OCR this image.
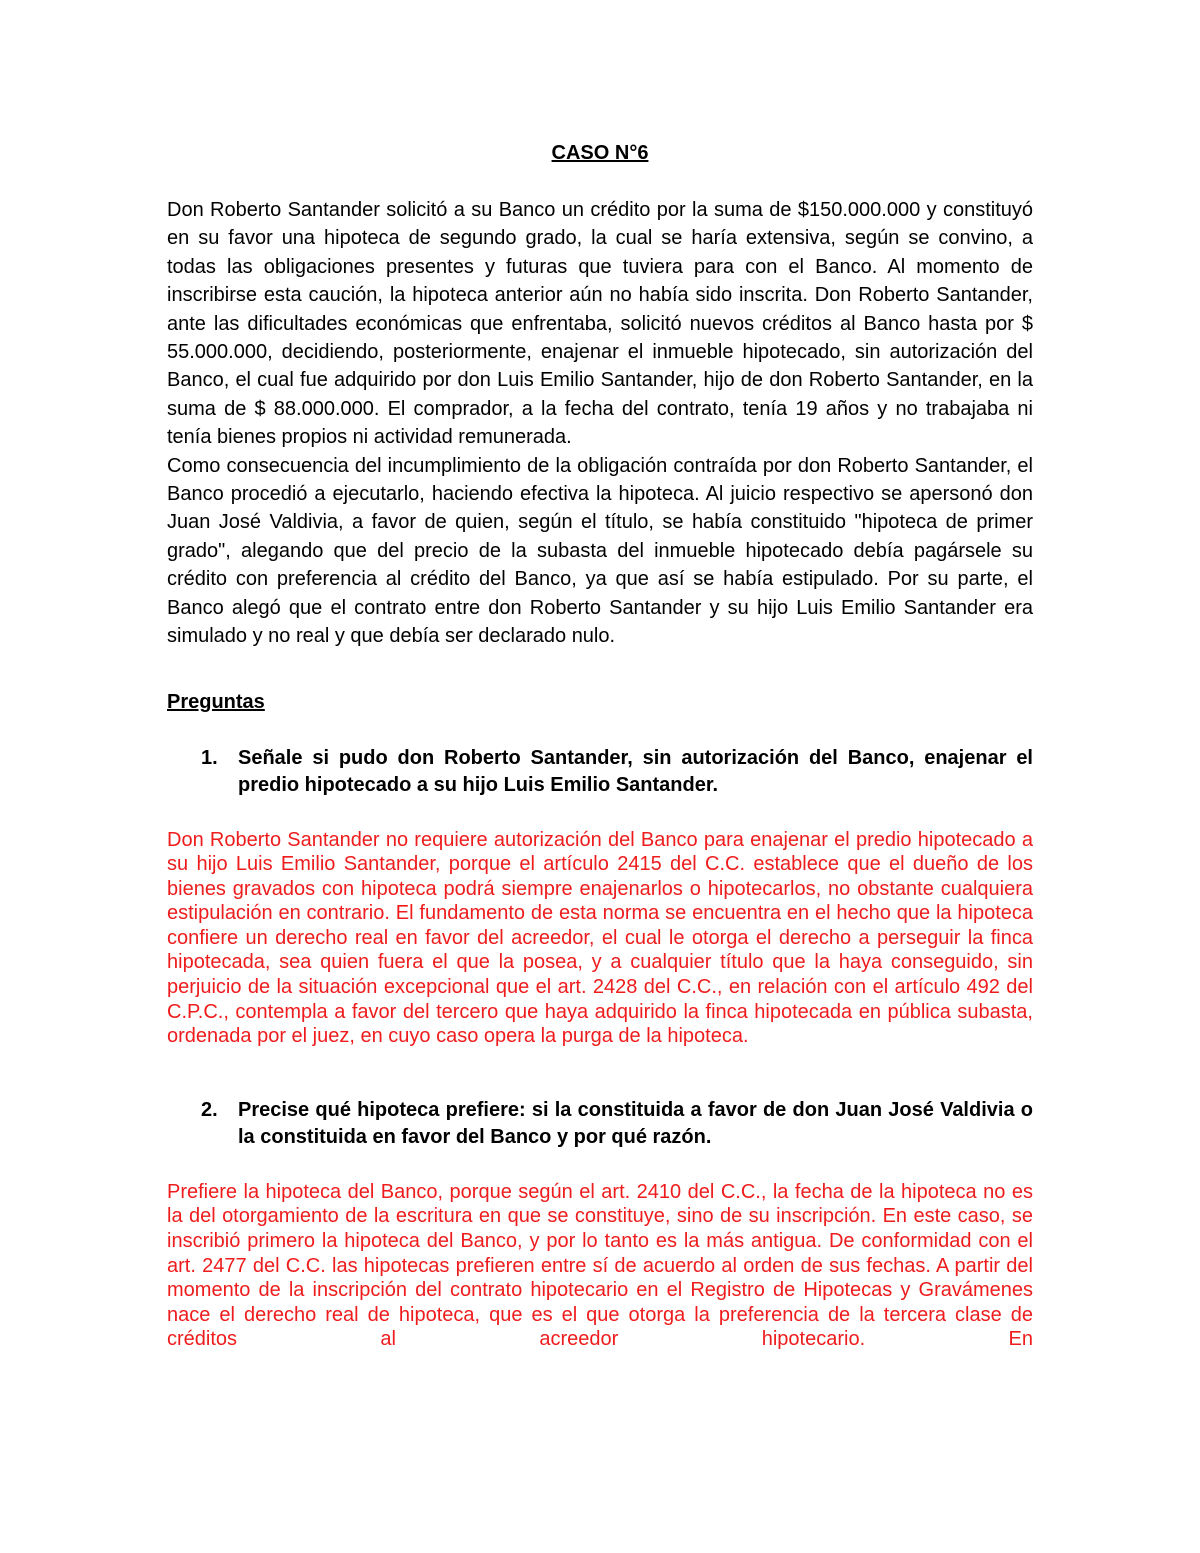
CASO N°6

Don Roberto Santander solicitó a su Banco un crédito por la suma de $150.000.000 y constituyó en su favor una hipoteca de segundo grado, la cual se haría extensiva, según se convino, a todas las obligaciones presentes y futuras que tuviera para con el Banco. Al momento de inscribirse esta caución, la hipoteca anterior aún no había sido inscrita. Don Roberto Santander, ante las dificultades económicas que enfrentaba, solicitó nuevos créditos al Banco hasta por $ 55.000.000, decidiendo, posteriormente, enajenar el inmueble hipotecado, sin autorización del Banco, el cual fue adquirido por don Luis Emilio Santander, hijo de don Roberto Santander, en la suma de $ 88.000.000. El comprador, a la fecha del contrato, tenía 19 años y no trabajaba ni tenía bienes propios ni actividad remunerada.

Como consecuencia del incumplimiento de la obligación contraída por don Roberto Santander, el Banco procedió a ejecutarlo, haciendo efectiva la hipoteca. Al juicio respectivo se apersonó don Juan José Valdivia, a favor de quien, según el título, se había constituido "hipoteca de primer grado", alegando que del precio de la subasta del inmueble hipotecado debía pagársele su crédito con preferencia al crédito del Banco, ya que así se había estipulado. Por su parte, el Banco alegó que el contrato entre don Roberto Santander y su hijo Luis Emilio Santander era simulado y no real y que debía ser declarado nulo.

Preguntas
1.	Señale si pudo don Roberto Santander, sin autorización del Banco, enajenar el predio hipotecado a su hijo Luis Emilio Santander.

Don Roberto Santander no requiere autorización del Banco para enajenar el predio hipotecado a su hijo Luis Emilio Santander, porque el artículo 2415 del C.C. establece que el dueño de los bienes gravados con hipoteca podrá siempre enajenarlos o hipotecarlos, no obstante cualquiera estipulación en contrario. El fundamento de esta norma se encuentra en el hecho que la hipoteca confiere un derecho real en favor del acreedor, el cual le otorga el derecho a perseguir la finca hipotecada, sea quien fuera el que la posea, y a cualquier título que la haya conseguido, sin perjuicio de la situación excepcional que el art. 2428 del C.C., en relación con el artículo 492 del C.P.C., contempla a favor del tercero que haya adquirido la finca hipotecada en pública subasta, ordenada por el juez, en cuyo caso opera la purga de la hipoteca.

2.	Precise qué hipoteca prefiere: si la constituida a favor de don Juan José Valdivia o la constituida en favor del Banco y por qué razón.

Prefiere la hipoteca del Banco, porque según el art. 2410 del C.C., la fecha de la hipoteca no es la del otorgamiento de la escritura en que se constituye, sino de su inscripción. En este caso, se inscribió primero la hipoteca del Banco, y por lo tanto es la más antigua. De conformidad con el art. 2477 del C.C. las hipotecas prefieren entre sí de acuerdo al orden de sus fechas. A partir del momento de la inscripción del contrato hipotecario en el Registro de Hipotecas y Gravámenes nace el derecho real de hipoteca, que es el que otorga la preferencia de la tercera clase de créditos al acreedor hipotecario. En
